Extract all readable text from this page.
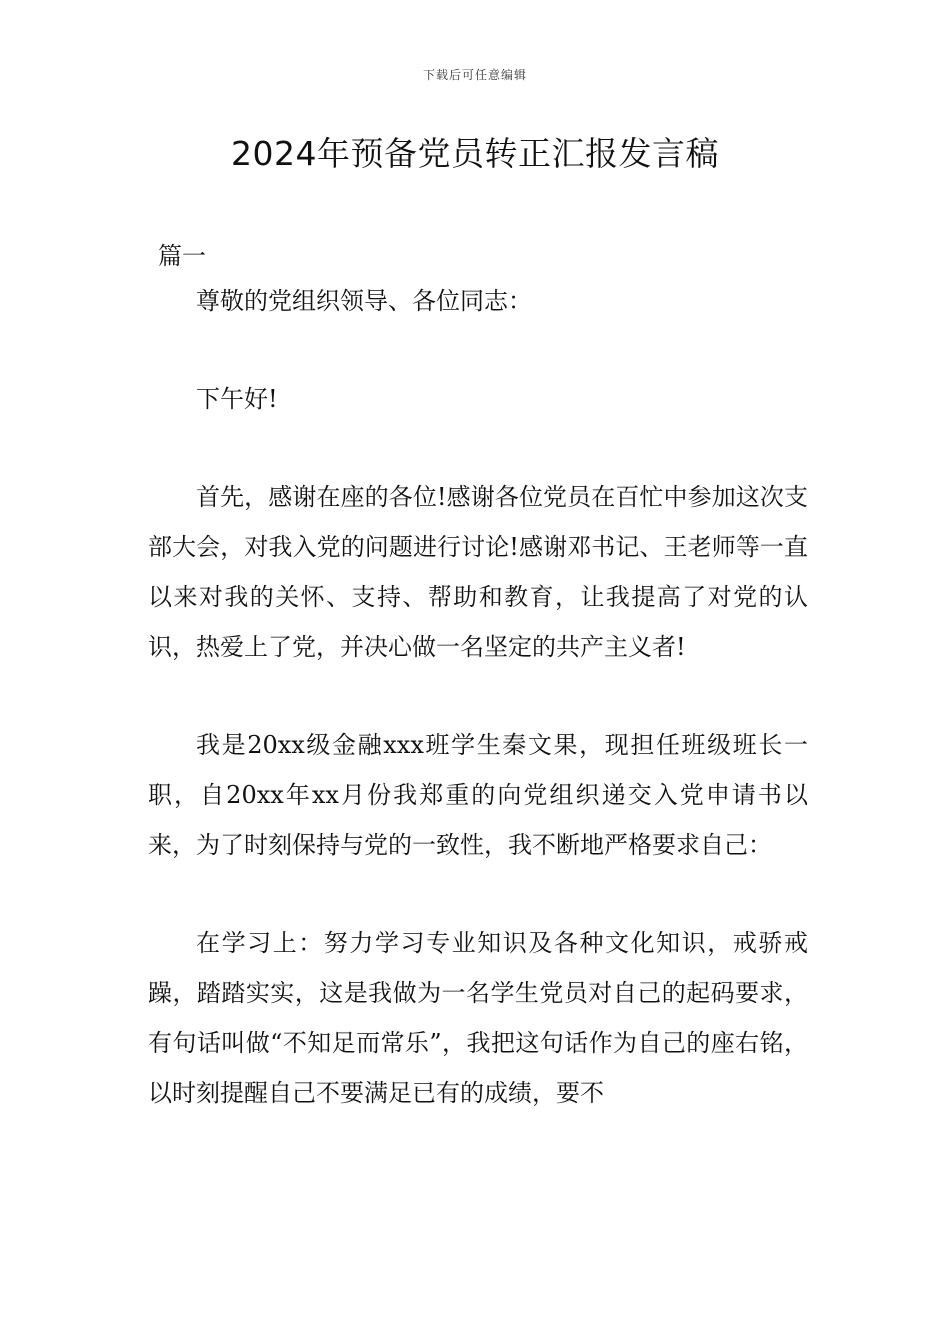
下载后可任意编辑
2024年预备党员转正汇报发言稿
篇一

尊敬的党组织领导、各位同志：

下午好!

首先，感谢在座的各位!感谢各位党员在百忙中参加这次支部大会，对我入党的问题进行讨论!感谢邓书记、王老师等一直以来对我的关怀、支持、帮助和教育，让我提高了对党的认识，热爱上了党，并决心做一名坚定的共产主义者!

我是20xx级金融xxx班学生秦文果，现担任班级班长一职，自20xx年xx月份我郑重的向党组织递交入党申请书以来，为了时刻保持与党的一致性，我不断地严格要求自己：

在学习上：努力学习专业知识及各种文化知识，戒骄戒躁，踏踏实实，这是我做为一名学生党员对自己的起码要求，有句话叫做“不知足而常乐”，我把这句话作为自己的座右铭，以时刻提醒自己不要满足已有的成绩，要不
